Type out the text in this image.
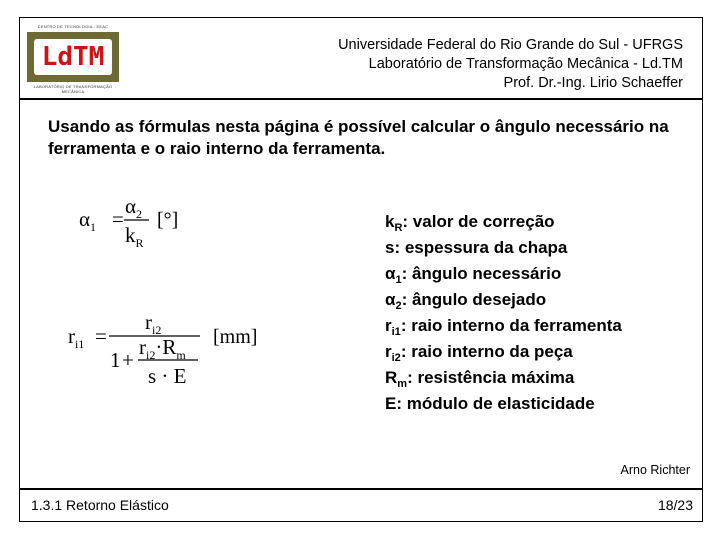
CENTRO DE TECNOLOGIA - EEAC
LdTM
LABORATÓRIO DE TRANSFORMAÇÃO MECÂNICA
Universidade Federal do Rio Grande do Sul - UFRGS
Laboratório de Transformação Mecânica - Ld.TM
Prof. Dr.-Ing. Lirio Schaeffer
Usando as fórmulas nesta página é possível calcular o ângulo necessário na ferramenta e o raio interno da ferramenta.
$\alpha_1$ =
$\alpha_2$
$k_R$
[°]
$r_{i1}$ =
$r_{i2}$
1 +
$r_{i2}\cdot R_m$
s · E
[mm]
$k_R$: valor de correção
s: espessura da chapa
$\alpha_1$: ângulo necessário
$\alpha_2$: ângulo desejado
$r_{i1}$: raio interno da ferramenta
$r_{i2}$: raio interno da peça
$R_m$: resistência máxima
E: módulo de elasticidade
Arno Richter
1.3.1 Retorno Elástico	18/23
